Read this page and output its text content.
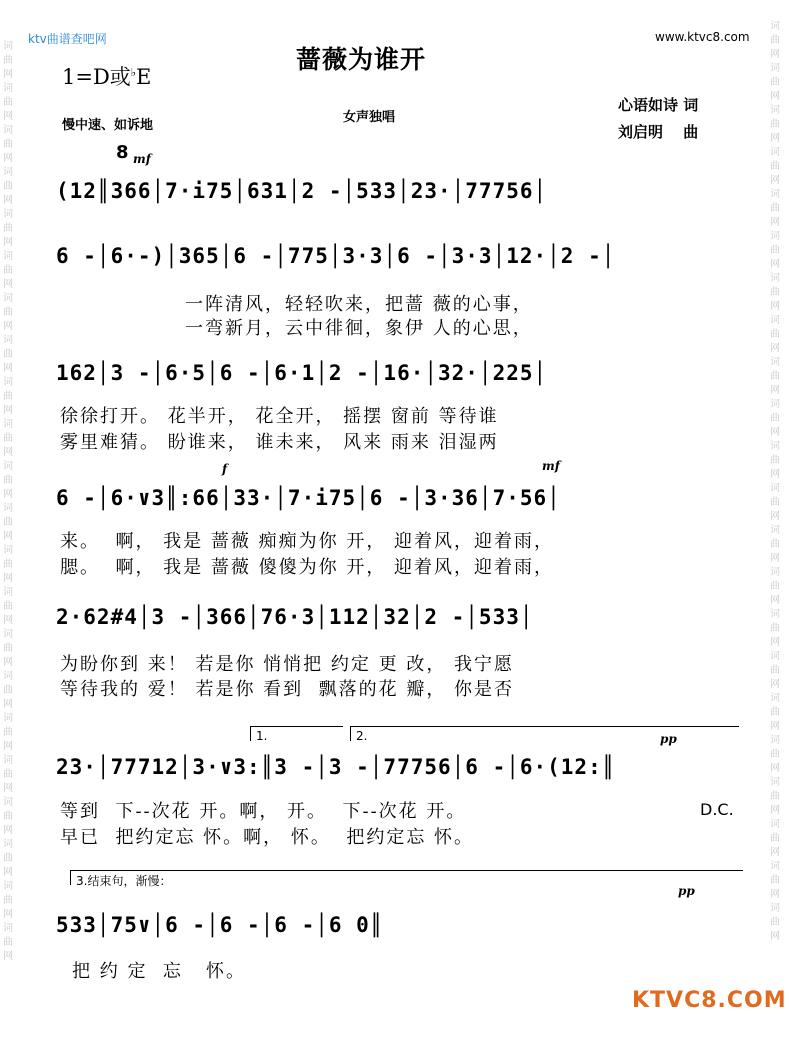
词曲网词曲网词曲网词曲网词曲网词曲网词曲网词曲网词曲网词曲网词曲网词曲网词曲网词曲网词曲网词曲网词曲网词曲网词曲网词曲网词曲网词曲网
词曲网词曲网词曲网词曲网词曲网词曲网词曲网词曲网词曲网词曲网词曲网词曲网词曲网词曲网词曲网词曲网词曲网词曲网词曲网词曲网词曲网词曲网
ktv曲谱查吧网	www.ktvc8.com
蔷薇为谁开
1=D或♭E
慢中速、如诉地
女声独唱
心语如诗 词
刘启明　 曲
8 mf
f	mf
pp
pp
(12║366│7·i75│631│2 -│533│23·│77756│
6 -│6·-)│365│6 -│775│3·3│6 -│3·3│12·│2 -│
一阵清风，轻轻吹来，把蔷 薇的心事，
一弯新月，云中徘徊，象伊 人的心思，
162│3 -│6·5│6 -│6·1│2 -│16·│32·│225│
徐徐打开。 花半开， 花全开， 摇摆 窗前 等待谁
雾里难猜。 盼谁来， 谁未来， 风来 雨来 泪湿两
6 -│6·∨3║:66│33·│7·i75│6 -│3·36│7·56│
来。  啊， 我是 蔷薇 痴痴为你 开， 迎着风，迎着雨，
腮。  啊， 我是 蔷薇 傻傻为你 开， 迎着风，迎着雨，
2·62#4│3 -│366│76·3│112│32│2 -│533│
为盼你到 来！ 若是你 悄悄把 约定 更 改， 我宁愿
等待我的 爱！ 若是你 看到  飘落的花 瓣， 你是否
1.	2.
23·│77712│3·∨3:║3 -│3 -│77756│6 -│6·(12:║
等到  下--次花 开。啊， 开。  下--次花 开。
早已  把约定忘 怀。啊， 怀。  把约定忘 怀。
D.C.
3.结束句，渐慢：
533│75∨│6 -│6 -│6 -│6 0║
把 约 定  忘   怀。
KTVC8.COM
